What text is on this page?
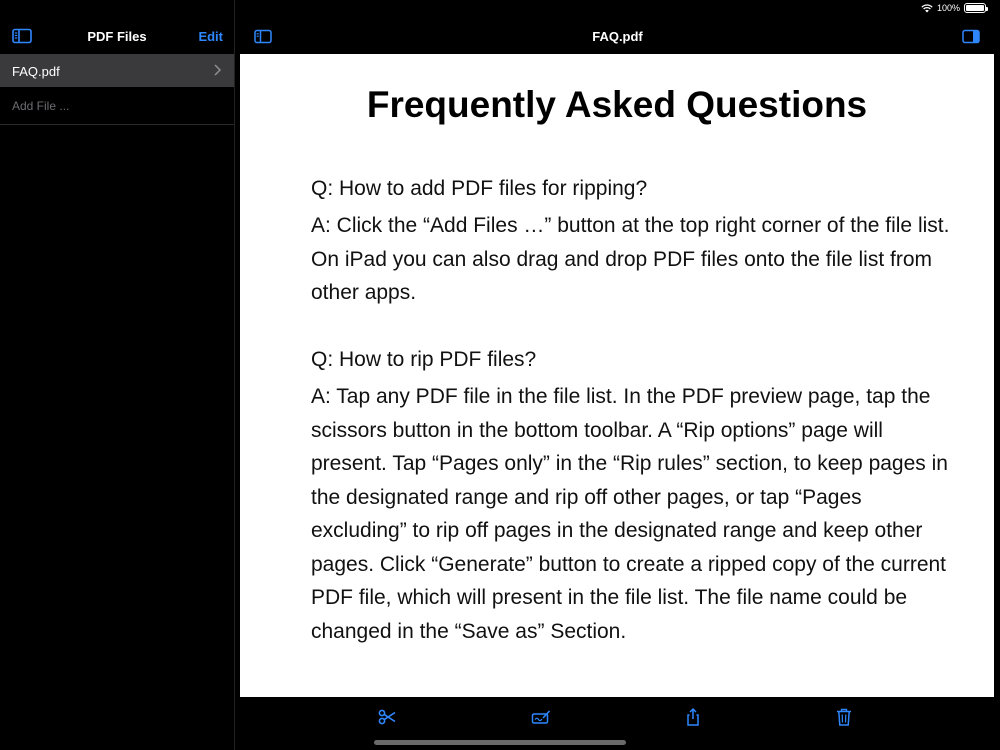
100%
PDF Files	Edit
FAQ.pdf
Add File ...
FAQ.pdf
Frequently Asked Questions
Q: How to add PDF files for ripping?
A: Click the “Add Files …” button at the top right corner of the file list. On iPad you can also drag and drop PDF files onto the file list from other apps.
Q: How to rip PDF files?
A: Tap any PDF file in the file list. In the PDF preview page, tap the scissors button in the bottom toolbar. A “Rip options” page will present. Tap “Pages only” in the “Rip rules” section, to keep pages in the designated range and rip off other pages, or tap “Pages excluding” to rip off pages in the designated range and keep other pages. Click “Generate” button to create a ripped copy of the current PDF file, which will present in the file list. The file name could be changed in the “Save as” Section.
